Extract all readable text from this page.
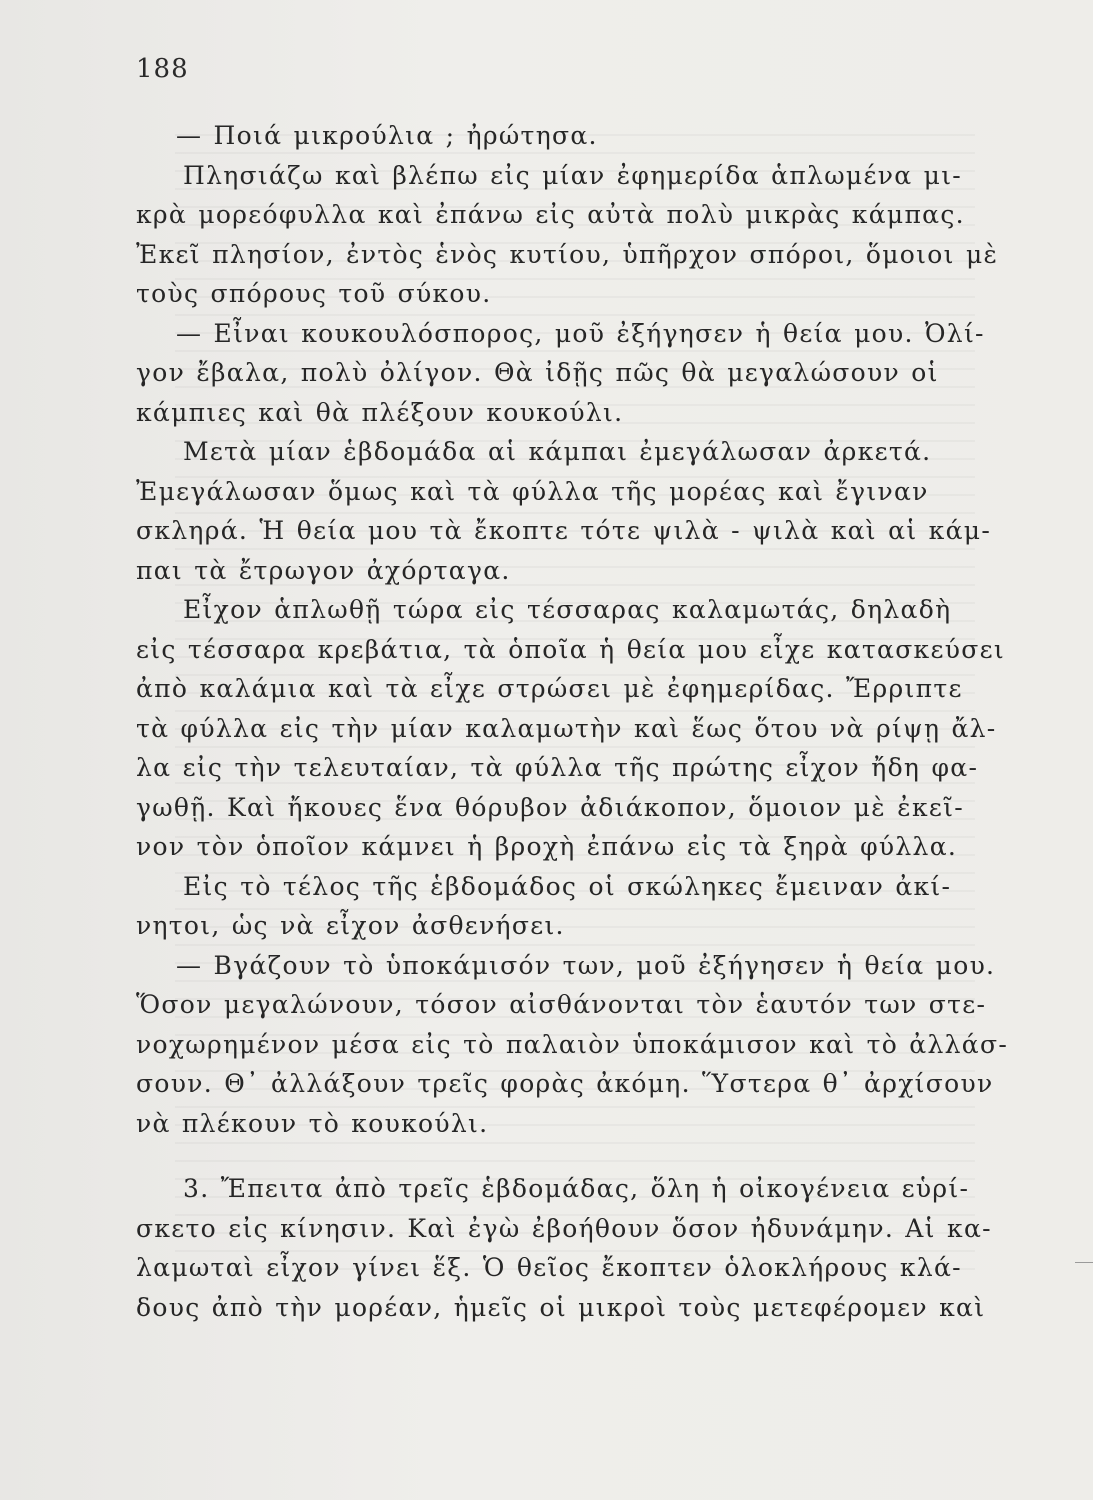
188
— Ποιά μικρούλια ; ἠρώτησα.
Πλησιάζω καὶ βλέπω εἰς μίαν ἐφημερίδα ἁπλωμένα μι-
κρὰ μορεόφυλλα καὶ ἐπάνω εἰς αὐτὰ πολὺ μικρὰς κάμπας.
Ἐκεῖ πλησίον, ἐντὸς ἑνὸς κυτίου, ὑπῆρχον σπόροι, ὅμοιοι μὲ
τοὺς σπόρους τοῦ σύκου.
— Εἶναι κουκουλόσπορος, μοῦ ἐξήγησεν ἡ θεία μου. Ὀλί-
γον ἔβαλα, πολὺ ὀλίγον. Θὰ ἰδῇς πῶς θὰ μεγαλώσουν οἱ
κάμπιες καὶ θὰ πλέξουν κουκούλι.
Μετὰ μίαν ἑβδομάδα αἱ κάμπαι ἐμεγάλωσαν ἀρκετά.
Ἐμεγάλωσαν ὅμως καὶ τὰ φύλλα τῆς μορέας καὶ ἔγιναν
σκληρά. Ἡ θεία μου τὰ ἔκοπτε τότε ψιλὰ - ψιλὰ καὶ αἱ κάμ-
παι τὰ ἔτρωγον ἀχόρταγα.
Εἶχον ἁπλωθῇ τώρα εἰς τέσσαρας καλαμωτάς, δηλαδὴ
εἰς τέσσαρα κρεβάτια, τὰ ὁποῖα ἡ θεία μου εἶχε κατασκεύσει
ἀπὸ καλάμια καὶ τὰ εἶχε στρώσει μὲ ἐφημερίδας. Ἔρριπτε
τὰ φύλλα εἰς τὴν μίαν καλαμωτὴν καὶ ἕως ὅτου νὰ ρίψῃ ἄλ-
λα εἰς τὴν τελευταίαν, τὰ φύλλα τῆς πρώτης εἶχον ἤδη φα-
γωθῇ. Καὶ ἤκουες ἕνα θόρυβον ἀδιάκοπον, ὅμοιον μὲ ἐκεῖ-
νον τὸν ὁποῖον κάμνει ἡ βροχὴ ἐπάνω εἰς τὰ ξηρὰ φύλλα.
Εἰς τὸ τέλος τῆς ἑβδομάδος οἱ σκώληκες ἔμειναν ἀκί-
νητοι, ὡς νὰ εἶχον ἀσθενήσει.
— Βγάζουν τὸ ὑποκάμισόν των, μοῦ ἐξήγησεν ἡ θεία μου.
Ὅσον μεγαλώνουν, τόσον αἰσθάνονται τὸν ἑαυτόν των στε-
νοχωρημένον μέσα εἰς τὸ παλαιὸν ὑποκάμισον καὶ τὸ ἀλλάσ-
σουν. Θ᾽ ἀλλάξουν τρεῖς φορὰς ἀκόμη. Ὕστερα θ᾽ ἀρχίσουν
νὰ πλέκουν τὸ κουκούλι.
3. Ἔπειτα ἀπὸ τρεῖς ἑβδομάδας, ὅλη ἡ οἰκογένεια εὑρί-
σκετο εἰς κίνησιν. Καὶ ἐγὼ ἐβοήθουν ὅσον ἠδυνάμην. Αἱ κα-
λαμωταὶ εἶχον γίνει ἕξ. Ὁ θεῖος ἔκοπτεν ὁλοκλήρους κλά-
δους ἀπὸ τὴν μορέαν, ἡμεῖς οἱ μικροὶ τοὺς μετεφέρομεν καὶ
